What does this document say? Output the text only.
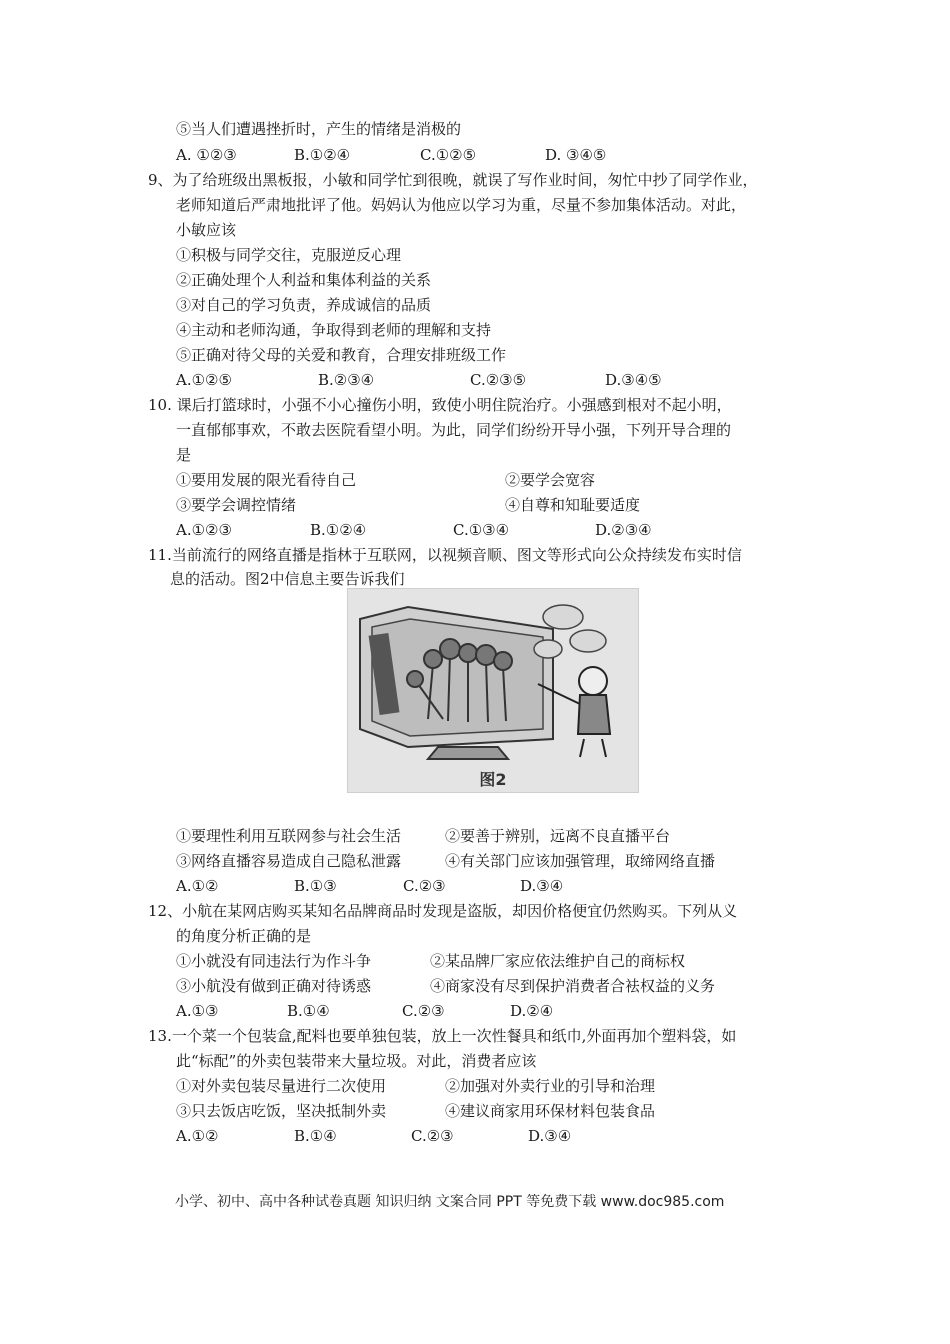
⑤当人们遭遇挫折时，产生的情绪是消极的
A. ①②③	B.①②④	C.①②⑤	D. ③④⑤
9、为了给班级出黑板报，小敏和同学忙到很晚，就误了写作业时间，匆忙中抄了同学作业，
老师知道后严肃地批评了他。妈妈认为他应以学习为重，尽量不参加集体活动。对此，
小敏应该
①积极与同学交往，克服逆反心理
②正确处理个人利益和集体利益的关系
③对自己的学习负责，养成诚信的品质
④主动和老师沟通，争取得到老师的理解和支持
⑤正确对待父母的关爱和教育，合理安排班级工作
A.①②⑤	B.②③④	C.②③⑤	D.③④⑤
10. 课后打篮球时，小强不小心撞伤小明，致使小明住院治疗。小强感到根对不起小明，
一直郁郁事欢，不敢去医院看望小明。为此，同学们纷纷开导小强，下列开导合理的
是
①要用发展的限光看待自己	②要学会宽容
③要学会调控情绪	④自尊和知耻要适度
A.①②③	B.①②④	C.①③④	D.②③④
11.当前流行的网络直播是指林于互联网，以视频音顺、图文等形式向公众持续发布实时信
息的活动。图2中信息主要告诉我们
图2
①要理性利用互联网参与社会生活	②要善于辨别，远离不良直播平台
③网络直播容易造成自己隐私泄露	④有关部门应该加强管理，取缔网络直播
A.①②	B.①③	C.②③	D.③④
12、小航在某网店购买某知名品牌商品时发现是盗版，却因价格便宜仍然购买。下列从义
的角度分析正确的是
①小就没有同违法行为作斗争	②某品牌厂家应依法维护自己的商标权
③小航没有做到正确对待诱惑	④商家没有尽到保护消费者合袪权益的义务
A.①③	B.①④	C.②③	D.②④
13.一个菜一个包装盒,配料也要单独包装，放上一次性餐具和纸巾,外面再加个塑料袋，如
此“标配”的外卖包装带来大量垃圾。对此，消费者应该
①对外卖包装尽量进行二次使用	②加强对外卖行业的引导和治理
③只去饭店吃饭，坚决抵制外卖	④建议商家用环保材料包装食品
A.①②	B.①④	C.②③	D.③④
小学、初中、高中各种试卷真题 知识归纳 文案合同 PPT 等免费下载 www.doc985.com
